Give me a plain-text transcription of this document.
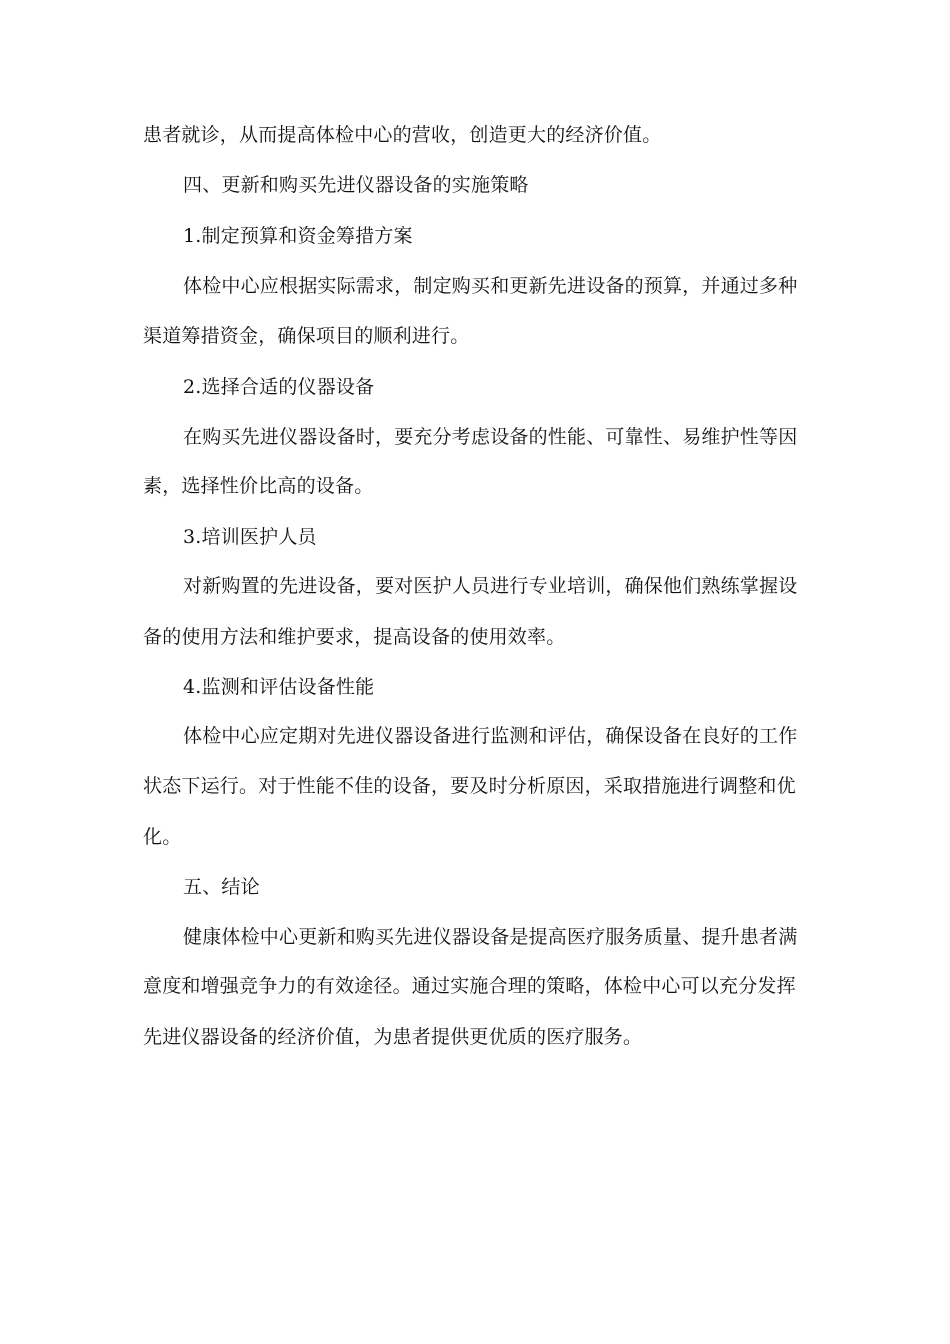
患者就诊，从而提高体检中心的营收，创造更大的经济价值。
四、更新和购买先进仪器设备的实施策略
1.制定预算和资金筹措方案
体检中心应根据实际需求，制定购买和更新先进设备的预算，并通过多种
渠道筹措资金，确保项目的顺利进行。
2.选择合适的仪器设备
在购买先进仪器设备时，要充分考虑设备的性能、可靠性、易维护性等因
素，选择性价比高的设备。
3.培训医护人员
对新购置的先进设备，要对医护人员进行专业培训，确保他们熟练掌握设
备的使用方法和维护要求，提高设备的使用效率。
4.监测和评估设备性能
体检中心应定期对先进仪器设备进行监测和评估，确保设备在良好的工作
状态下运行。对于性能不佳的设备，要及时分析原因，采取措施进行调整和优
化。
五、结论
健康体检中心更新和购买先进仪器设备是提高医疗服务质量、提升患者满
意度和增强竞争力的有效途径。通过实施合理的策略，体检中心可以充分发挥
先进仪器设备的经济价值，为患者提供更优质的医疗服务。
